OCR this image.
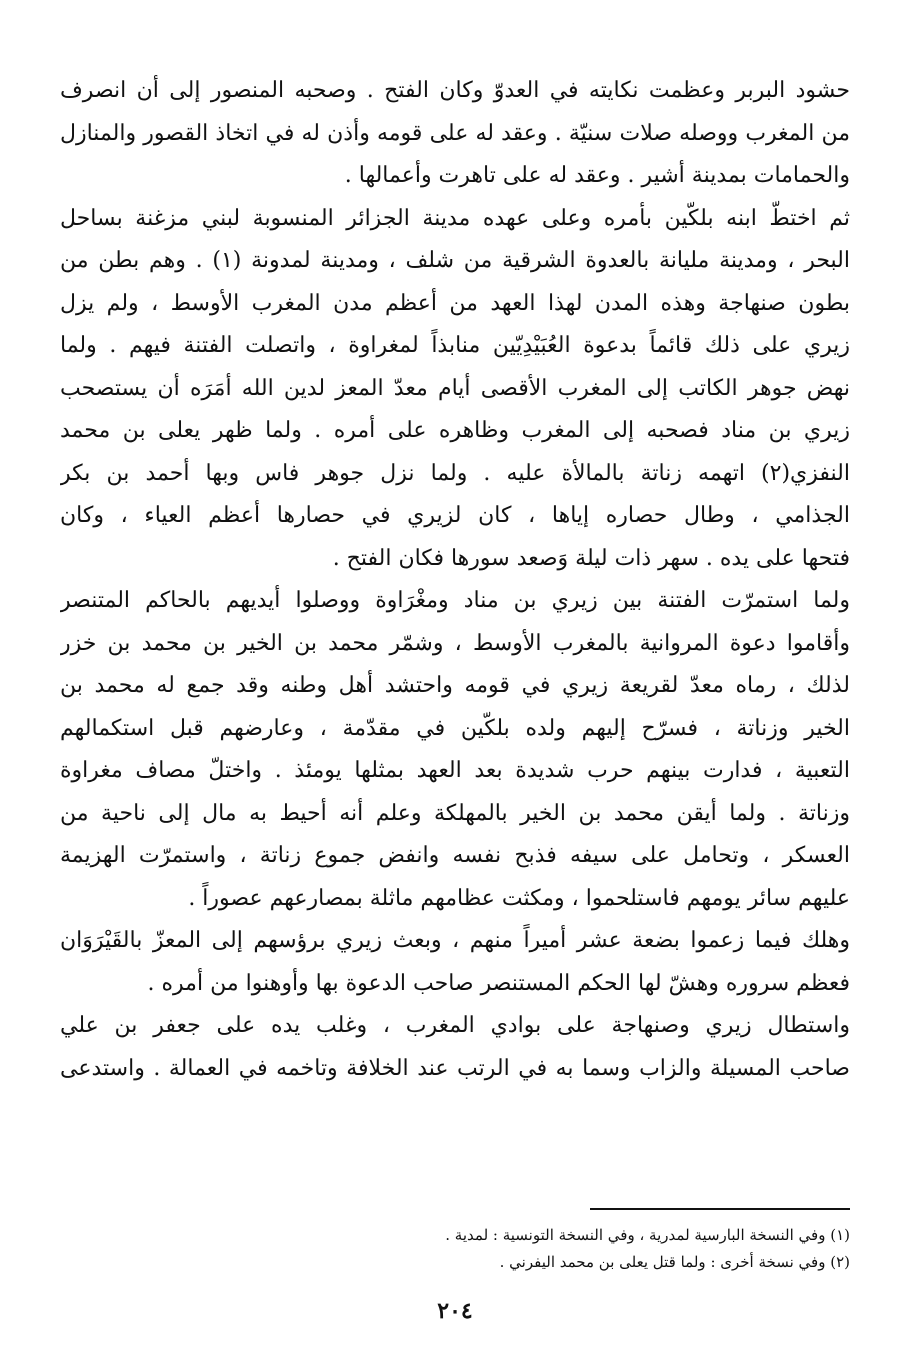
حشود البربر وعظمت نكايته في العدوّ وكان الفتح . وصحبه المنصور إلى أن انصرف
من المغرب ووصله صلات سنيّة . وعقد له على قومه وأذن له في اتخاذ القصور والمنازل
والحمامات بمدينة أشير . وعقد له على تاهرت وأعمالها .
ثم اختطّ ابنه بلكّين بأمره وعلى عهده مدينة الجزائر المنسوبة لبني مزغنة بساحل
البحر ، ومدينة مليانة بالعدوة الشرقية من شلف ، ومدينة لمدونة (١) . وهم بطن من
بطون صنهاجة وهذه المدن لهذا العهد من أعظم مدن المغرب الأوسط ، ولم يزل
زيري على ذلك قائماً بدعوة العُبَيْدِيّين منابذاً لمغراوة ، واتصلت الفتنة فيهم . ولما
نهض جوهر الكاتب إلى المغرب الأقصى أيام معدّ المعز لدين الله أمَرَه أن يستصحب
زيري بن مناد فصحبه إلى المغرب وظاهره على أمره . ولما ظهر يعلى بن محمد
النفزي(٢) اتهمه زناتة بالمالأة عليه . ولما نزل جوهر فاس وبها أحمد بن بكر
الجذامي ، وطال حصاره إياها ، كان لزيري في حصارها أعظم العياء ، وكان
فتحها على يده . سهر ذات ليلة وَصعد سورها فكان الفتح .
ولما استمرّت الفتنة بين زيري بن مناد ومغْرَاوة ووصلوا أيديهم بالحاكم المتنصر
وأقاموا دعوة المروانية بالمغرب الأوسط ، وشمّر محمد بن الخير بن محمد بن خزر
لذلك ، رماه معدّ لقريعة زيري في قومه واحتشد أهل وطنه وقد جمع له محمد بن
الخير وزناتة ، فسرّح إليهم ولده بلكّين في مقدّمة ، وعارضهم قبل استكمالهم
التعبية ، فدارت بينهم حرب شديدة بعد العهد بمثلها يومئذ . واختلّ مصاف مغراوة
وزناتة . ولما أيقن محمد بن الخير بالمهلكة وعلم أنه أحيط به مال إلى ناحية من
العسكر ، وتحامل على سيفه فذبح نفسه وانفض جموع زناتة ، واستمرّت الهزيمة
عليهم سائر يومهم فاستلحموا ، ومكثت عظامهم ماثلة بمصارعهم عصوراً .
وهلك فيما زعموا بضعة عشر أميراً منهم ، وبعث زيري برؤسهم إلى المعزّ بالقَيْرَوَان
فعظم سروره وهشّ لها الحكم المستنصر صاحب الدعوة بها وأوهنوا من أمره .
واستطال زيري وصنهاجة على بوادي المغرب ، وغلب يده على جعفر بن علي
صاحب المسيلة والزاب وسما به في الرتب عند الخلافة وتاخمه في العمالة . واستدعى
(١) وفي النسخة البارسية لمدرية ، وفي النسخة التونسية : لمدية .
(٢) وفي نسخة أخرى : ولما قتل يعلى بن محمد اليفرني .
٢٠٤
